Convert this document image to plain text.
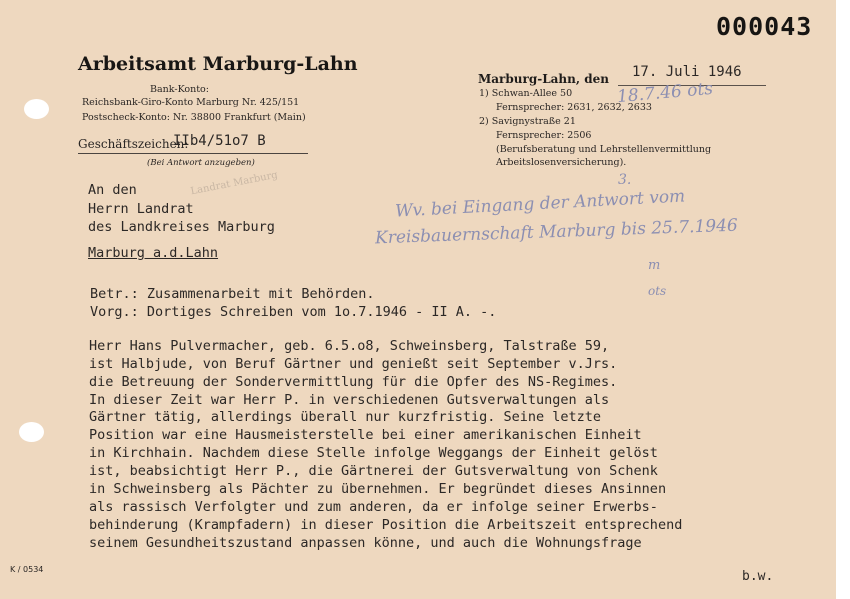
000043
Arbeitsamt Marburg-Lahn
Bank-Konto:
Reichsbank-Giro-Konto Marburg Nr. 425/151
Postscheck-Konto: Nr. 38800 Frankfurt (Main)
Geschäftszeichen:
IIb4/51o7 B
(Bei Antwort anzugeben)
Marburg-Lahn, den 17. Juli 1946
1) Schwan-Allee 50
Fernsprecher: 2631, 2632, 2633
2) Savignystraße 21
Fernsprecher: 2506
(Berufsberatung und Lehrstellenvermittlung
Arbeitslosenversicherung).
18.7.46 ots
3.
Wv. bei Eingang der Antwort vom
Kreisbauernschaft Marburg bis 25.7.1946
m
ots
Landrat Marburg
An den
Herrn Landrat
des Landkreises Marburg
Marburg a.d.Lahn
Betr.: Zusammenarbeit mit Behörden.
Vorg.: Dortiges Schreiben vom 1o.7.1946 - II A. -.
Herr Hans Pulvermacher, geb. 6.5.o8, Schweinsberg, Talstraße 59,
ist Halbjude, von Beruf Gärtner und genießt seit September v.Jrs.
die Betreuung der Sondervermittlung für die Opfer des NS-Regimes.
In dieser Zeit war Herr P. in verschiedenen Gutsverwaltungen als
Gärtner tätig, allerdings überall nur kurzfristig. Seine letzte
Position war eine Hausmeisterstelle bei einer amerikanischen Einheit
in Kirchhain. Nachdem diese Stelle infolge Weggangs der Einheit gelöst
ist, beabsichtigt Herr P., die Gärtnerei der Gutsverwaltung von Schenk
in Schweinsberg als Pächter zu übernehmen. Er begründet dieses Ansinnen
als rassisch Verfolgter und zum anderen, da er infolge seiner Erwerbs-
behinderung (Krampfadern) in dieser Position die Arbeitszeit entsprechend
seinem Gesundheitszustand anpassen könne, und auch die Wohnungsfrage
K / 0534	b.w.
